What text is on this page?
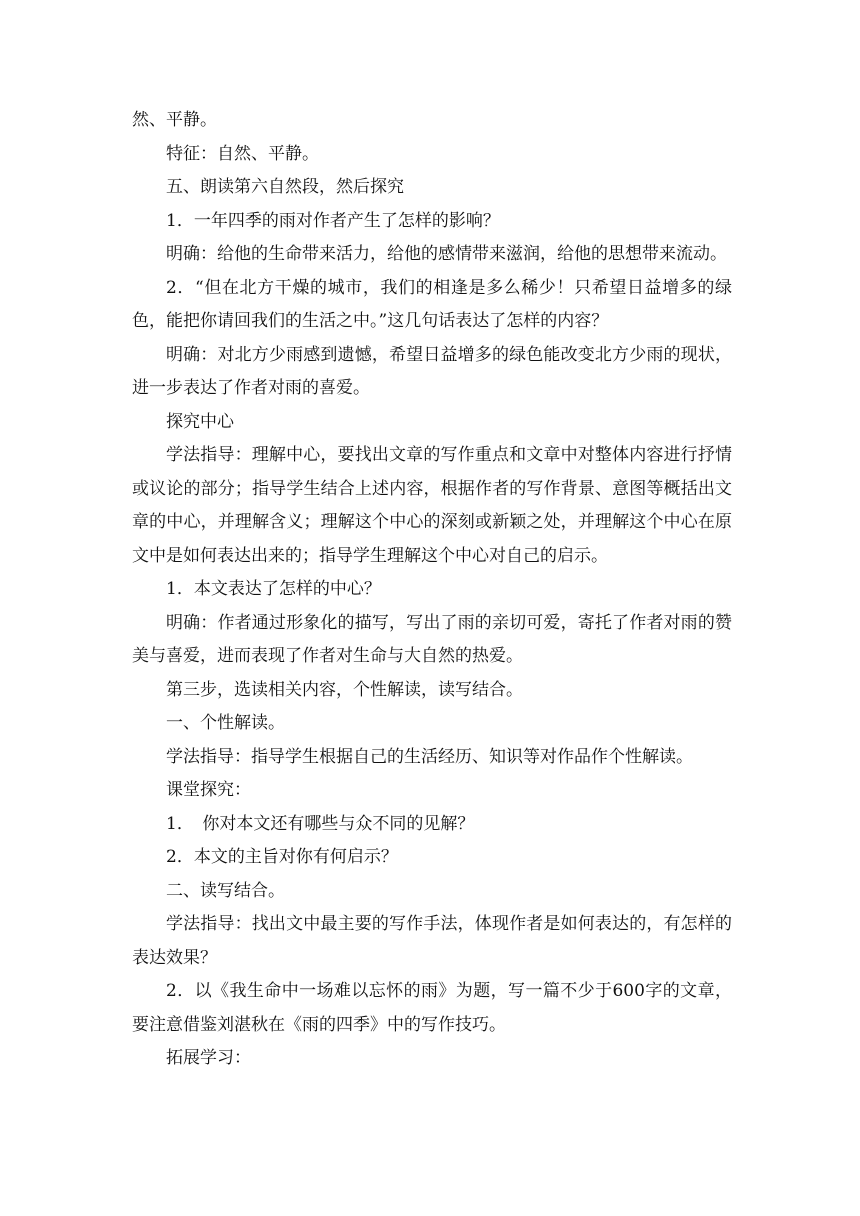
然、平静。

特征：自然、平静。

五、朗读第六自然段，然后探究

1．一年四季的雨对作者产生了怎样的影响？

明确：给他的生命带来活力，给他的感情带来滋润，给他的思想带来流动。

2．“但在北方干燥的城市，我们的相逢是多么稀少！只希望日益增多的绿色，能把你请回我们的生活之中。”这几句话表达了怎样的内容？

明确：对北方少雨感到遗憾，希望日益增多的绿色能改变北方少雨的现状，进一步表达了作者对雨的喜爱。

探究中心

学法指导：理解中心，要找出文章的写作重点和文章中对整体内容进行抒情或议论的部分；指导学生结合上述内容，根据作者的写作背景、意图等概括出文章的中心，并理解含义；理解这个中心的深刻或新颖之处，并理解这个中心在原文中是如何表达出来的；指导学生理解这个中心对自己的启示。

1．本文表达了怎样的中心？

明确：作者通过形象化的描写，写出了雨的亲切可爱，寄托了作者对雨的赞美与喜爱，进而表现了作者对生命与大自然的热爱。

第三步，选读相关内容，个性解读，读写结合。

一、个性解读。

学法指导：指导学生根据自己的生活经历、知识等对作品作个性解读。

课堂探究：

1．　你对本文还有哪些与众不同的见解？

2．本文的主旨对你有何启示？

二、读写结合。

学法指导：找出文中最主要的写作手法，体现作者是如何表达的，有怎样的表达效果？

2．以《我生命中一场难以忘怀的雨》为题，写一篇不少于600字的文章，要注意借鉴刘湛秋在《雨的四季》中的写作技巧。

拓展学习：
